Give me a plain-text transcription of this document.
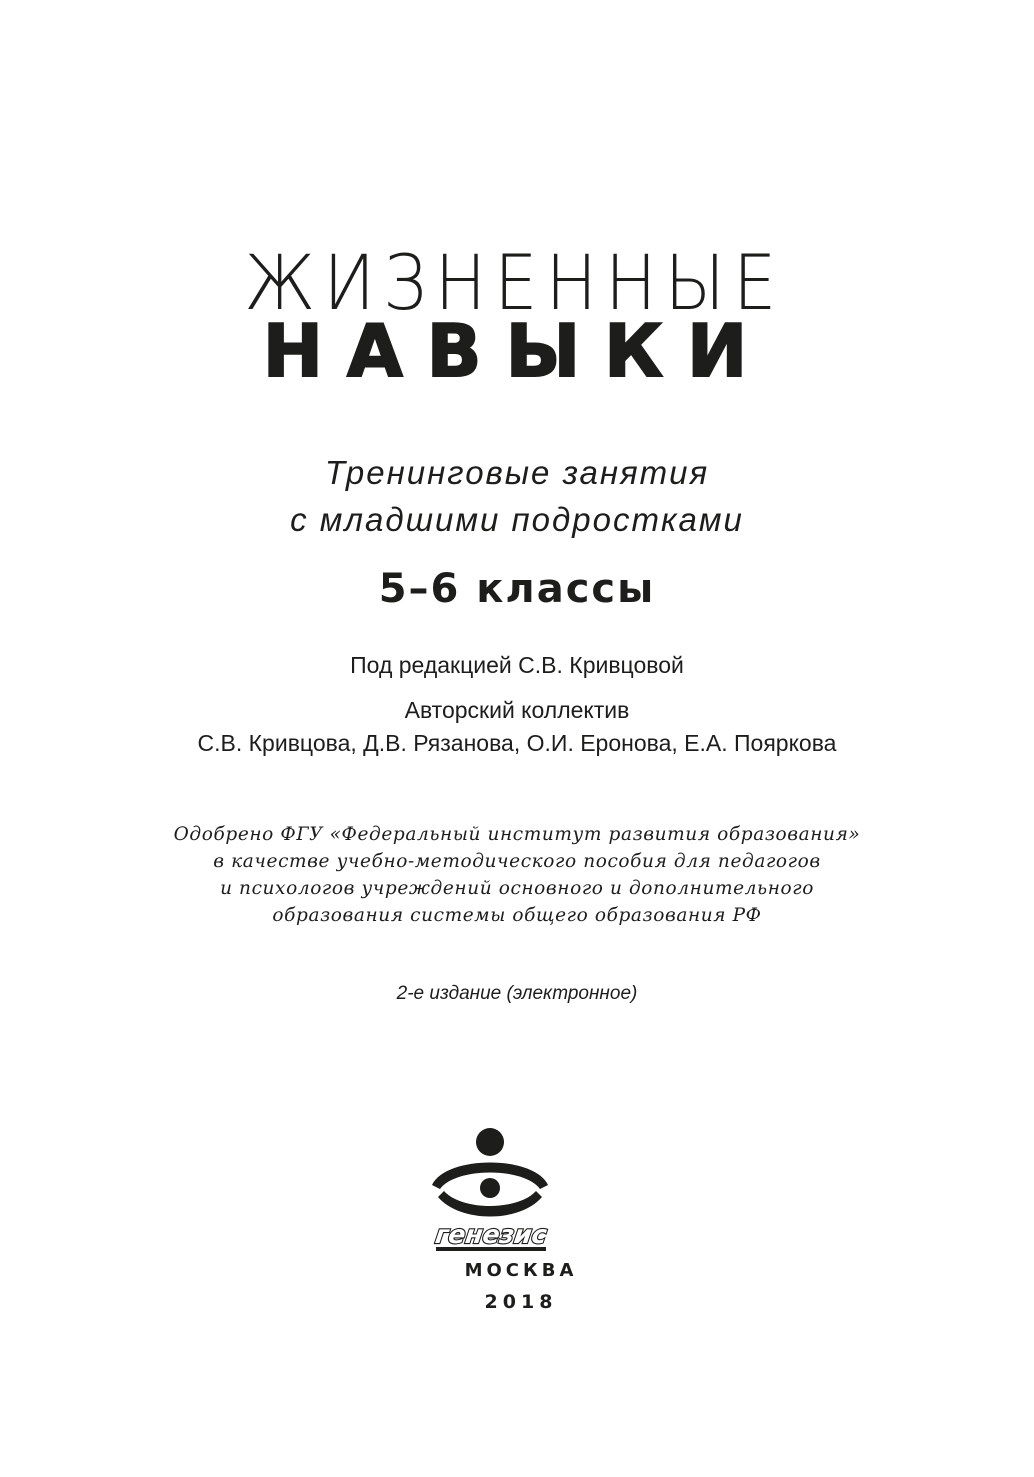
ЖИЗНЕННЫЕ
НАВЫКИ
Тренинговые занятия
с младшими подростками
5–6 классы
Под редакцией С.В. Кривцовой
Авторский коллектив
С.В. Кривцова, Д.В. Рязанова, О.И. Еронова, Е.А. Пояркова
Одобрено ФГУ «Федеральный институт развития образования»
в качестве учебно-методического пособия для педагогов
и психологов учреждений основного и дополнительного
образования системы общего образования РФ
2-е издание (электронное)
генезис
МОСКВА
2018
